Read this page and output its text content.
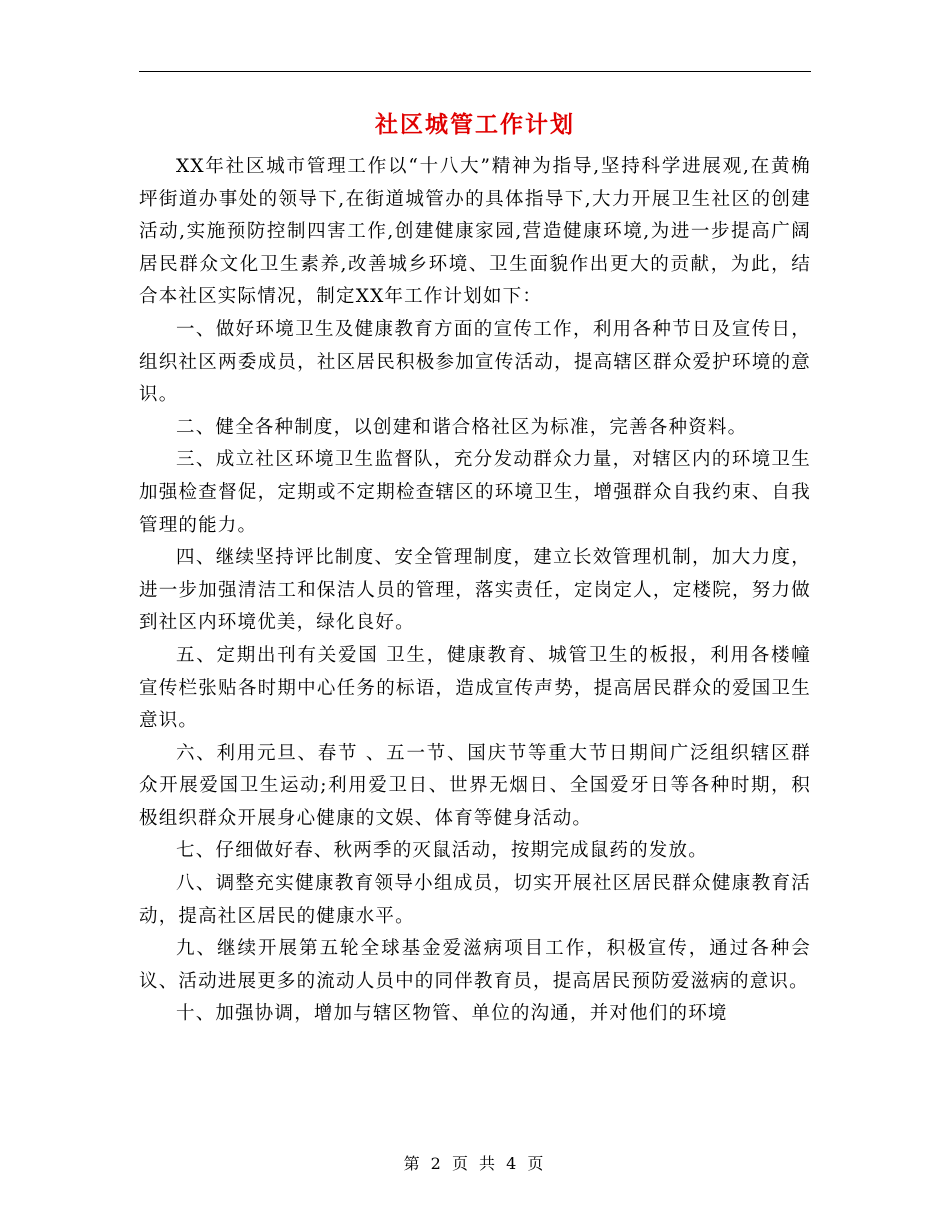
社区城管工作计划

XX年社区城市管理工作以“十八大”精神为指导,坚持科学进展观,在黄桷坪街道办事处的领导下,在街道城管办的具体指导下,大力开展卫生社区的创建活动,实施预防控制四害工作,创建健康家园,营造健康环境,为进一步提高广阔居民群众文化卫生素养,改善城乡环境、卫生面貌作出更大的贡献，为此，结合本社区实际情况，制定XX年工作计划如下：

一、做好环境卫生及健康教育方面的宣传工作，利用各种节日及宣传日，组织社区两委成员，社区居民积极参加宣传活动，提高辖区群众爱护环境的意识。

二、健全各种制度，以创建和谐合格社区为标准，完善各种资料。

三、成立社区环境卫生监督队，充分发动群众力量，对辖区内的环境卫生加强检查督促，定期或不定期检查辖区的环境卫生，增强群众自我约束、自我管理的能力。

四、继续坚持评比制度、安全管理制度，建立长效管理机制，加大力度，进一步加强清洁工和保洁人员的管理，落实责任，定岗定人，定楼院，努力做到社区内环境优美，绿化良好。

五、定期出刊有关爱国 卫生，健康教育、城管卫生的板报，利用各楼幢宣传栏张贴各时期中心任务的标语，造成宣传声势，提高居民群众的爱国卫生意识。

六、利用元旦、春节 、五一节、国庆节等重大节日期间广泛组织辖区群众开展爱国卫生运动;利用爱卫日、世界无烟日、全国爱牙日等各种时期，积极组织群众开展身心健康的文娱、体育等健身活动。

七、仔细做好春、秋两季的灭鼠活动，按期完成鼠药的发放。

八、调整充实健康教育领导小组成员，切实开展社区居民群众健康教育活动，提高社区居民的健康水平。

九、继续开展第五轮全球基金爱滋病项目工作，积极宣传，通过各种会议、活动进展更多的流动人员中的同伴教育员，提高居民预防爱滋病的意识。

十、加强协调，增加与辖区物管、单位的沟通，并对他们的环境

第 2 页 共 4 页
